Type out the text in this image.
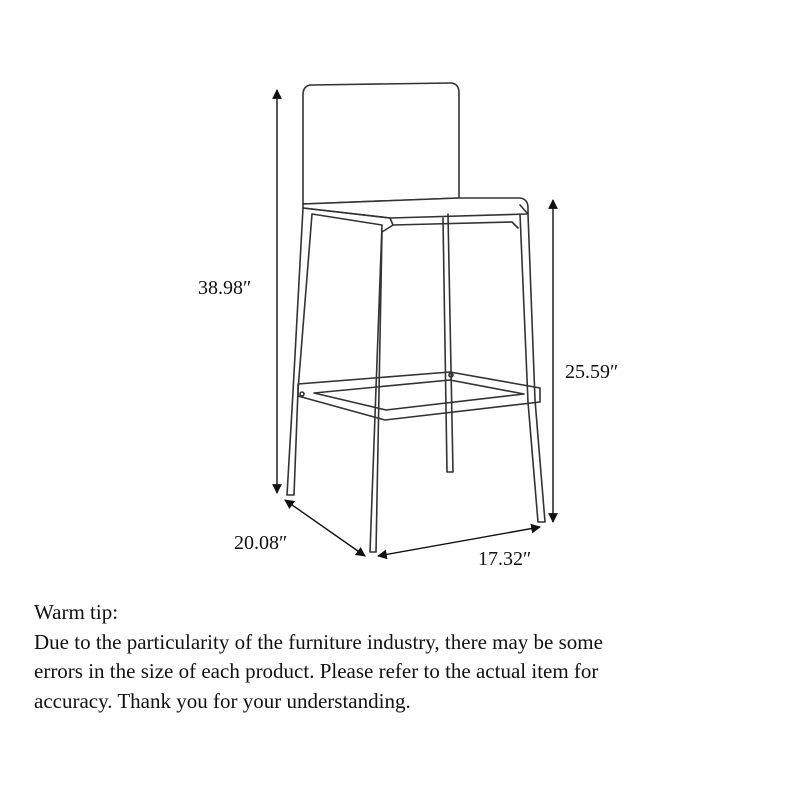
38.98″
25.59″
20.08″
17.32″

Warm tip:

Due to the particularity of the furniture industry, there may be some

errors in the size of each product. Please refer to the actual item for

accuracy. Thank you for your understanding.
